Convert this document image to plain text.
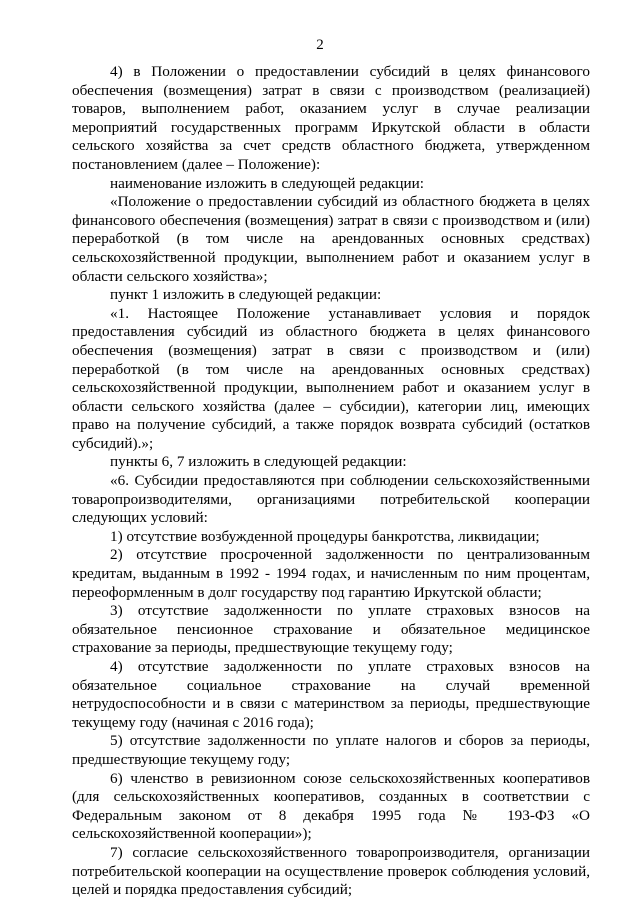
2

4) в Положении о предоставлении субсидий в целях финансового обеспечения (возмещения) затрат в связи с производством (реализацией) товаров, выполнением работ, оказанием услуг в случае реализации мероприятий государственных программ Иркутской области в области сельского хозяйства за счет средств областного бюджета, утвержденном постановлением (далее – Положение):

наименование изложить в следующей редакции:

«Положение о предоставлении субсидий из областного бюджета в целях финансового обеспечения (возмещения) затрат в связи с производством и (или) переработкой (в том числе на арендованных основных средствах) сельскохозяйственной продукции, выполнением работ и оказанием услуг в области сельского хозяйства»;

пункт 1 изложить в следующей редакции:

«1. Настоящее Положение устанавливает условия и порядок предоставления субсидий из областного бюджета в целях финансового обеспечения (возмещения) затрат в связи с производством и (или) переработкой (в том числе на арендованных основных средствах) сельскохозяйственной продукции, выполнением работ и оказанием услуг в области сельского хозяйства (далее – субсидии), категории лиц, имеющих право на получение субсидий, а также порядок возврата субсидий (остатков субсидий).»;

пункты 6, 7 изложить в следующей редакции:

«6. Субсидии предоставляются при соблюдении сельскохозяйственными товаропроизводителями, организациями потребительской кооперации следующих условий:

1) отсутствие возбужденной процедуры банкротства, ликвидации;

2) отсутствие просроченной задолженности по централизованным кредитам, выданным в 1992 - 1994 годах, и начисленным по ним процентам, переоформленным в долг государству под гарантию Иркутской области;

3) отсутствие задолженности по уплате страховых взносов на обязательное пенсионное страхование и обязательное медицинское страхование за периоды, предшествующие текущему году;

4) отсутствие задолженности по уплате страховых взносов на обязательное социальное страхование на случай временной нетрудоспособности и в связи с материнством за периоды, предшествующие текущему году (начиная с 2016 года);

5) отсутствие задолженности по уплате налогов и сборов за периоды, предшествующие текущему году;

6) членство в ревизионном союзе сельскохозяйственных кооперативов (для сельскохозяйственных кооперативов, созданных в соответствии с Федеральным законом от 8 декабря 1995 года № 193-ФЗ «О сельскохозяйственной кооперации»);

7) согласие сельскохозяйственного товаропроизводителя, организации потребительской кооперации на осуществление проверок соблюдения условий, целей и порядка предоставления субсидий;
